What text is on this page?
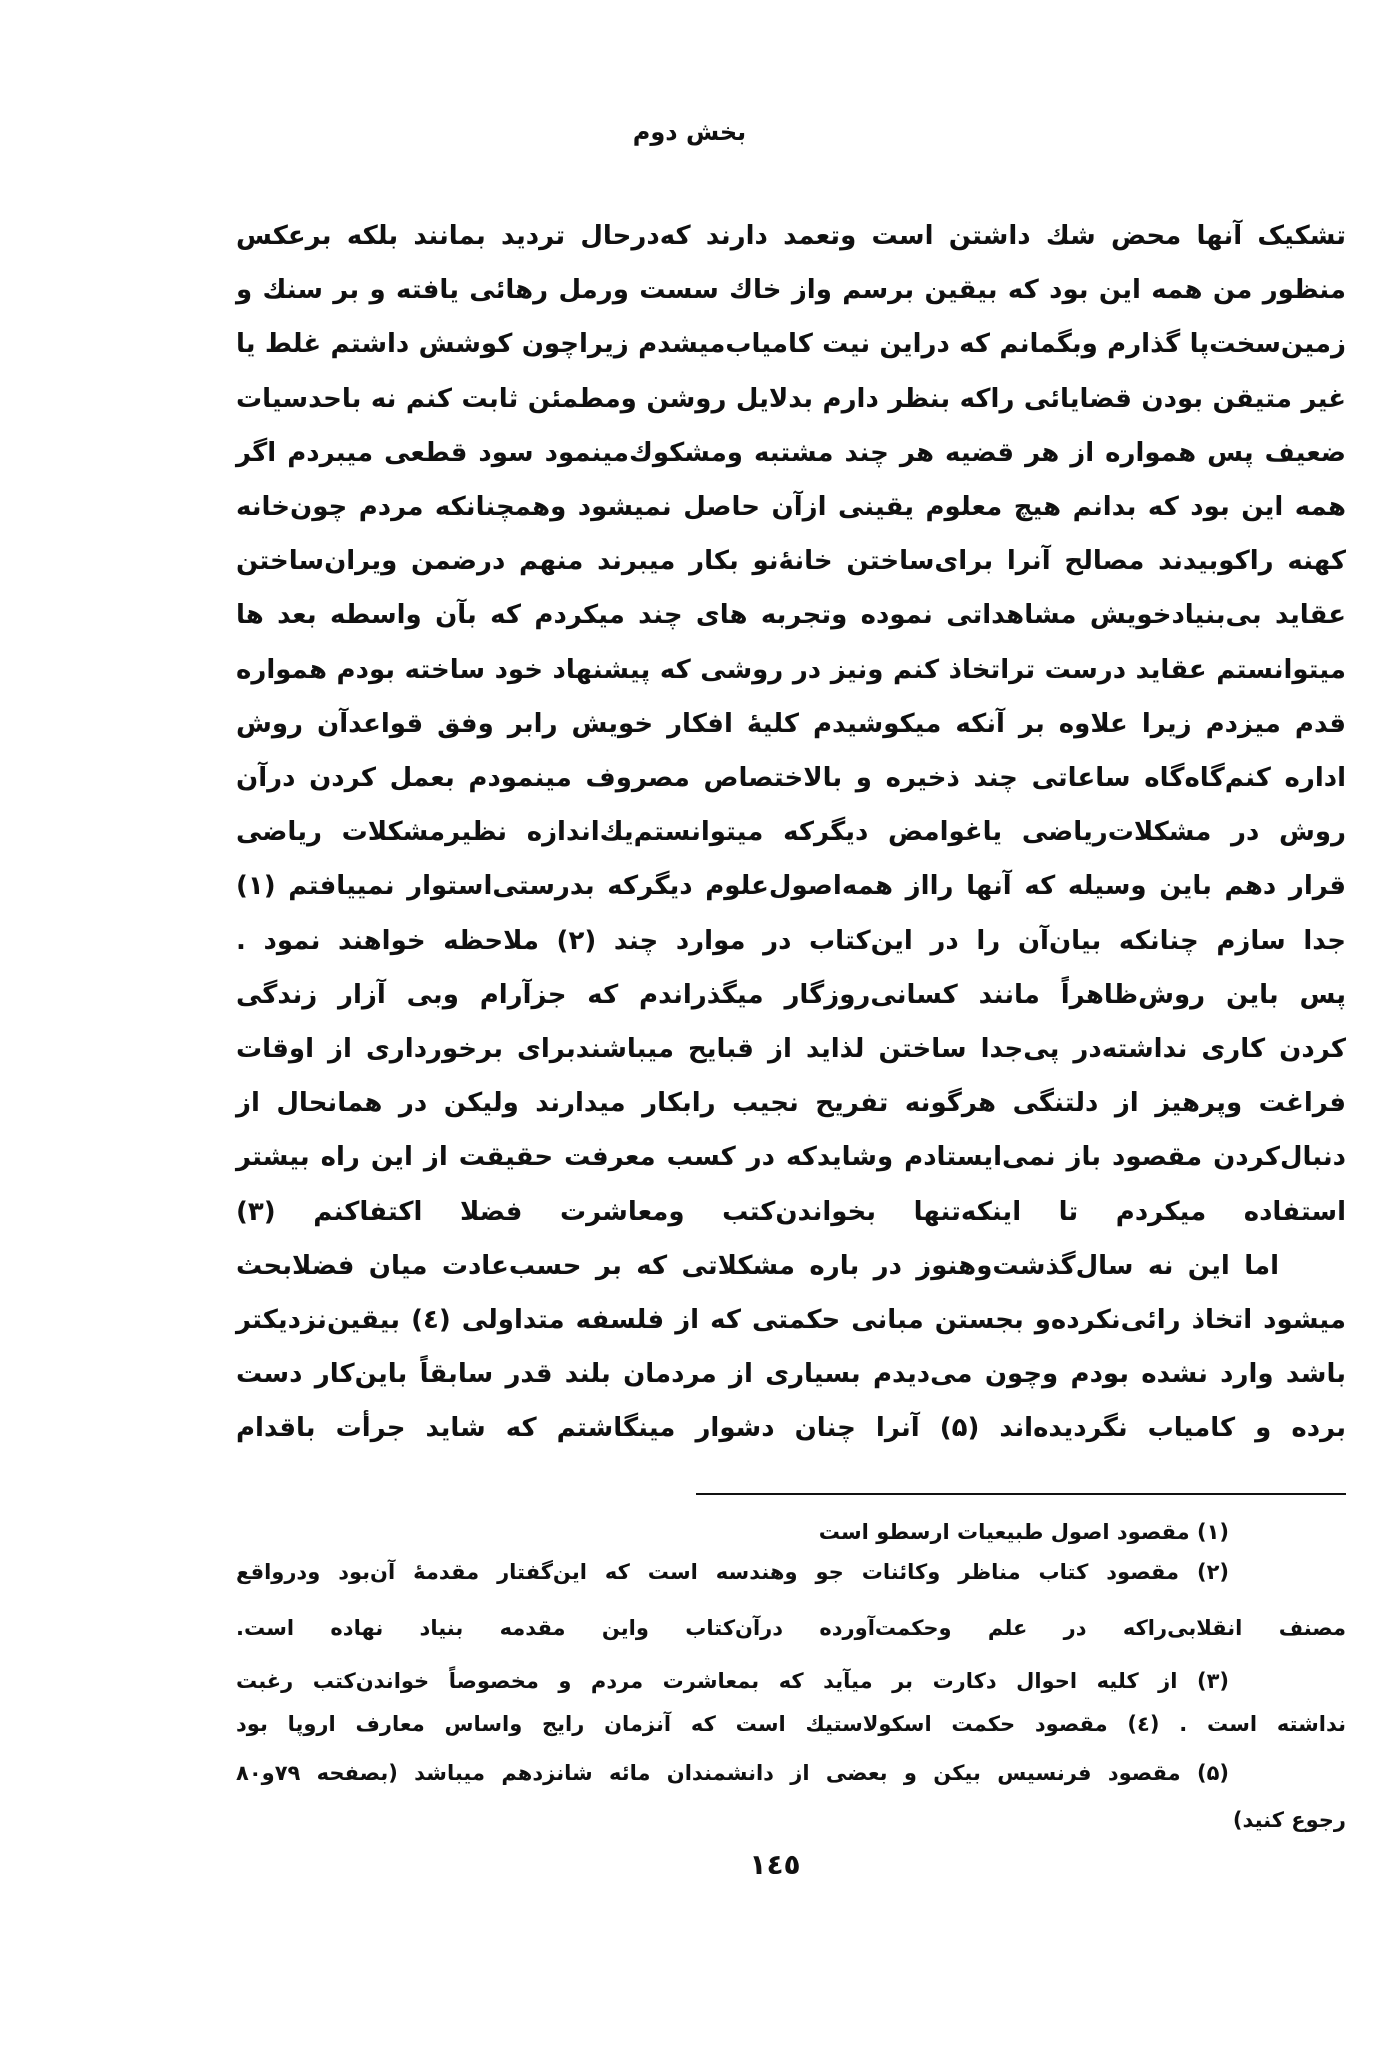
بخش دوم
تشکیک آنها محض شك داشتن است وتعمد دارند که‌درحال تردید بمانند بلکه برعکس
منظور من همه این بود که بیقین برسم واز خاك سست ورمل رهائی یافته و بر سنك و
زمین‌سخت‌پا گذارم وبگمانم که دراین نیت کامیاب‌میشدم زیراچون کوشش داشتم غلط یا
غیر متیقن بودن قضایائی راکه بنظر دارم بدلایل روشن ومطمئن ثابت کنم نه باحدسیات
ضعیف پس همواره از هر قضیه هر چند مشتبه ومشکوك‌مینمود سود قطعی میبردم اگر
همه این بود که بدانم هیچ معلوم یقینی ازآن حاصل نمیشود وهمچنانکه مردم چون‌خانه
کهنه راکوبیدند مصالح آنرا برای‌ساختن خانهٔ‌نو بکار میبرند منهم درضمن ویران‌ساختن
عقاید بی‌بنیادخویش مشاهداتی نموده وتجربه های چند میکردم که بآن واسطه بعد ها
میتوانستم عقاید درست تراتخاذ کنم ونیز در روشی که پیشنهاد خود ساخته بودم همواره
قدم میزدم زیرا علاوه بر آنکه میکوشیدم کلیهٔ افکار خویش رابر وفق قواعدآن روش
اداره کنم‌گاه‌گاه ساعاتی چند ذخیره و بالاختصاص مصروف مینمودم بعمل کردن درآن
روش در مشکلات‌ریاضی یاغوامض دیگرکه میتوانستم‌یك‌اندازه نظیرمشکلات ریاضی
قرار دهم باین وسیله که آنها رااز همه‌اصول‌علوم دیگرکه بدرستی‌استوار نمییافتم (۱)
جدا سازم چنانکه بیان‌آن را در این‌کتاب در موارد چند (۲) ملاحظه خواهند نمود .
پس باین روش‌ظاهراً مانند کسانی‌روزگار میگذراندم که جزآرام وبی آزار زندگی
کردن کاری نداشته‌در پی‌جدا ساختن لذاید از قبایح میباشندبرای برخورداری از اوقات
فراغت وپرهیز از دلتنگی هرگونه تفریح نجیب رابکار میدارند ولیکن در همانحال از
دنبال‌کردن مقصود باز نمی‌ایستادم وشایدکه در کسب معرفت حقیقت از این راه بیشتر
استفاده میکردم تا اینکه‌تنها بخواندن‌کتب ومعاشرت فضلا اکتفاکنم (۳)
اما این نه سال‌گذشت‌وهنوز در باره مشکلاتی که بر حسب‌عادت میان فضلابحث
میشود اتخاذ رائی‌نکرده‌و بجستن مبانی حکمتی که از فلسفه متداولی (٤) بیقین‌نزدیکتر
باشد وارد نشده بودم وچون می‌دیدم بسیاری از مردمان بلند قدر سابقاً باین‌کار دست
برده و کامیاب نگردیده‌اند (۵) آنرا چنان دشوار مینگاشتم که شاید جرأت باقدام
(۱) مقصود اصول طبیعیات ارسطو است
(۲) مقصود کتاب مناظر وکائنات جو وهندسه است که این‌گفتار مقدمهٔ آن‌بود ودرواقع
مصنف انقلابی‌راکه در علم وحکمت‌آورده درآن‌کتاب واین مقدمه بنیاد نهاده است.
(۳) از کلیه احوال دکارت بر میآید که بمعاشرت مردم و مخصوصاً خواندن‌کتب رغبت
نداشته است . (٤) مقصود حکمت اسکولاستیك است که آنزمان رایج واساس معارف اروپا بود
(۵) مقصود فرنسیس بیکن و بعضی از دانشمندان مائه شانزدهم میباشد (بصفحه ۷۹و۸۰
رجوع کنید)
۱٤٥
